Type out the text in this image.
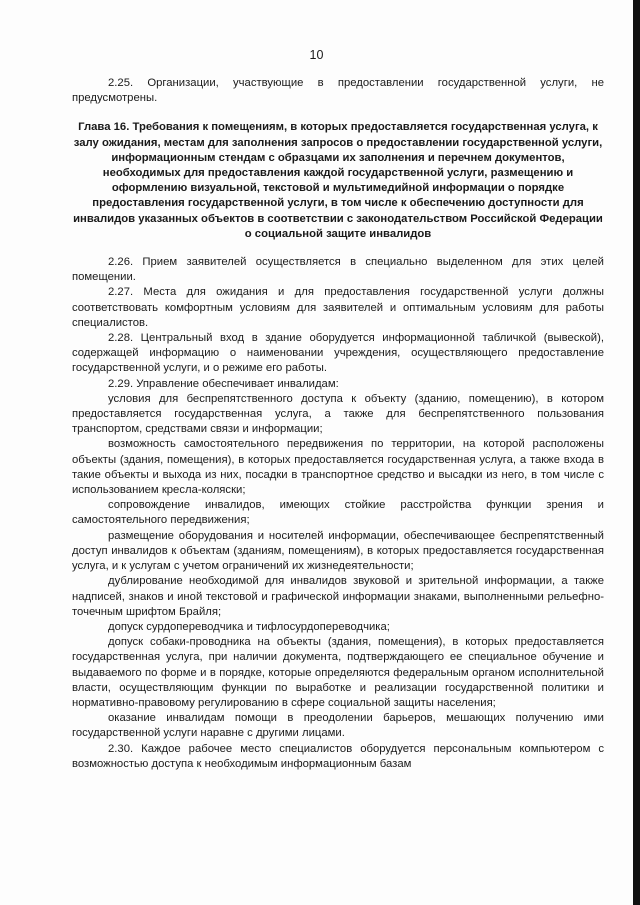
10

2.25. Организации, участвующие в предоставлении государственной услуги, не предусмотрены.

Глава 16. Требования к помещениям, в которых предоставляется государственная услуга, к залу ожидания, местам для заполнения запросов о предоставлении государственной услуги, информационным стендам с образцами их заполнения и перечнем документов, необходимых для предоставления каждой государственной услуги, размещению и оформлению визуальной, текстовой и мультимедийной информации о порядке предоставления государственной услуги, в том числе к обеспечению доступности для инвалидов указанных объектов в соответствии с законодательством Российской Федерации о социальной защите инвалидов

2.26. Прием заявителей осуществляется в специально выделенном для этих целей помещении.

2.27. Места для ожидания и для предоставления государственной услуги должны соответствовать комфортным условиям для заявителей и оптимальным условиям для работы специалистов.

2.28. Центральный вход в здание оборудуется информационной табличкой (вывеской), содержащей информацию о наименовании учреждения, осуществляющего предоставление государственной услуги, и о режиме его работы.

2.29. Управление обеспечивает инвалидам:

условия для беспрепятственного доступа к объекту (зданию, помещению), в котором предоставляется государственная услуга, а также для беспрепятственного пользования транспортом, средствами связи и информации;

возможность самостоятельного передвижения по территории, на которой расположены объекты (здания, помещения), в которых предоставляется государственная услуга, а также входа в такие объекты и выхода из них, посадки в транспортное средство и высадки из него, в том числе с использованием кресла-коляски;

сопровождение инвалидов, имеющих стойкие расстройства функции зрения и самостоятельного передвижения;

размещение оборудования и носителей информации, обеспечивающее беспрепятственный доступ инвалидов к объектам (зданиям, помещениям), в которых предоставляется государственная услуга, и к услугам с учетом ограничений их жизнедеятельности;

дублирование необходимой для инвалидов звуковой и зрительной информации, а также надписей, знаков и иной текстовой и графической информации знаками, выполненными рельефно-точечным шрифтом Брайля;

допуск сурдопереводчика и тифлосурдопереводчика;

допуск собаки-проводника на объекты (здания, помещения), в которых предоставляется государственная услуга, при наличии документа, подтверждающего ее специальное обучение и выдаваемого по форме и в порядке, которые определяются федеральным органом исполнительной власти, осуществляющим функции по выработке и реализации государственной политики и нормативно-правовому регулированию в сфере социальной защиты населения;

оказание инвалидам помощи в преодолении барьеров, мешающих получению ими государственной услуги наравне с другими лицами.

2.30. Каждое рабочее место специалистов оборудуется персональным компьютером с возможностью доступа к необходимым информационным базам
